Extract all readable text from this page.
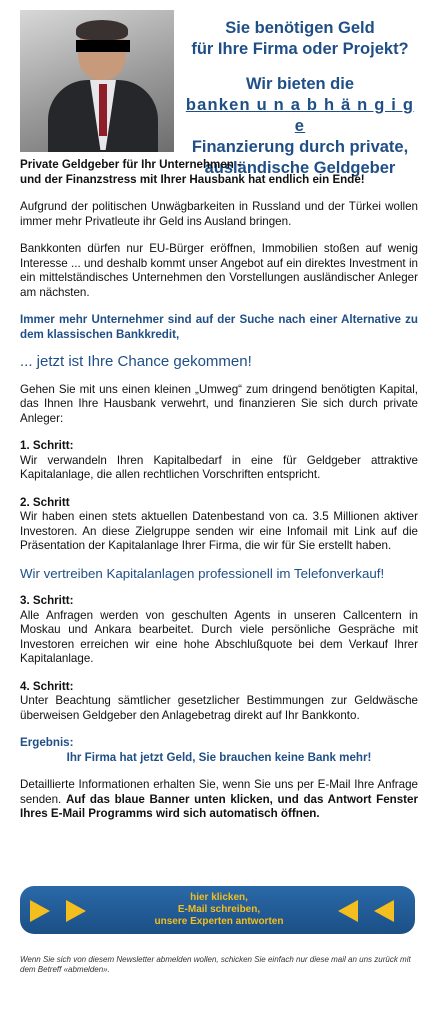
Sie benötigen Geld
für Ihre Firma oder Projekt?
Wir bieten die
banken u n a b h ä n g i g e
Finanzierung durch private,
ausländische Geldgeber

Private Geldgeber für Ihr Unternehmen -
und der Finanzstress mit Ihrer Hausbank hat endlich ein Ende!

Aufgrund der politischen Unwägbarkeiten in Russland und der Türkei wollen immer mehr Privatleute ihr Geld ins Ausland bringen.

Bankkonten dürfen nur EU-Bürger eröffnen, Immobilien stoßen auf wenig Interesse ... und deshalb kommt unser Angebot auf ein direktes Investment in ein mittelständisches Unternehmen den Vorstellungen ausländischer Anleger am nächsten.

Immer mehr Unternehmer sind auf der Suche nach einer Alternative zu dem klassischen Bankkredit,

... jetzt ist Ihre Chance gekommen!

Gehen Sie mit uns einen kleinen „Umweg“ zum dringend benötigten Kapital, das Ihnen Ihre Hausbank verwehrt, und finanzieren Sie sich durch private Anleger:

1. Schritt:
Wir verwandeln Ihren Kapitalbedarf in eine für Geldgeber attraktive Kapitalanlage, die allen rechtlichen Vorschriften entspricht.

2. Schritt
Wir haben einen stets aktuellen Datenbestand von ca. 3.5 Millionen aktiver Investoren. An diese Zielgruppe senden wir eine Infomail mit Link auf die Präsentation der Kapitalanlage Ihrer Firma, die wir für Sie erstellt haben.

Wir vertreiben Kapitalanlagen professionell im Telefonverkauf!

3. Schritt:
Alle Anfragen werden von geschulten Agents in unseren Callcentern in Moskau und Ankara bearbeitet. Durch viele persönliche Gespräche mit Investoren erreichen wir eine hohe Abschlußquote bei dem Verkauf Ihrer Kapitalanlage.

4. Schritt:
Unter Beachtung sämtlicher gesetzlicher Bestimmungen zur Geldwäsche überweisen Geldgeber den Anlagebetrag direkt auf Ihr Bankkonto.

Ergebnis:

Ihr Firma hat jetzt Geld, Sie brauchen keine Bank mehr!

Detaillierte Informationen erhalten Sie, wenn Sie uns per E-Mail Ihre Anfrage senden. Auf das blaue Banner unten klicken, und das Antwort Fenster Ihres E-Mail Programms wird sich automatisch öffnen.

hier klicken,
E-Mail schreiben,
unsere Experten antworten
Wenn Sie sich von diesem Newsletter abmelden wollen, schicken Sie einfach nur diese mail an uns zurück mit dem Betreff «abmelden».
